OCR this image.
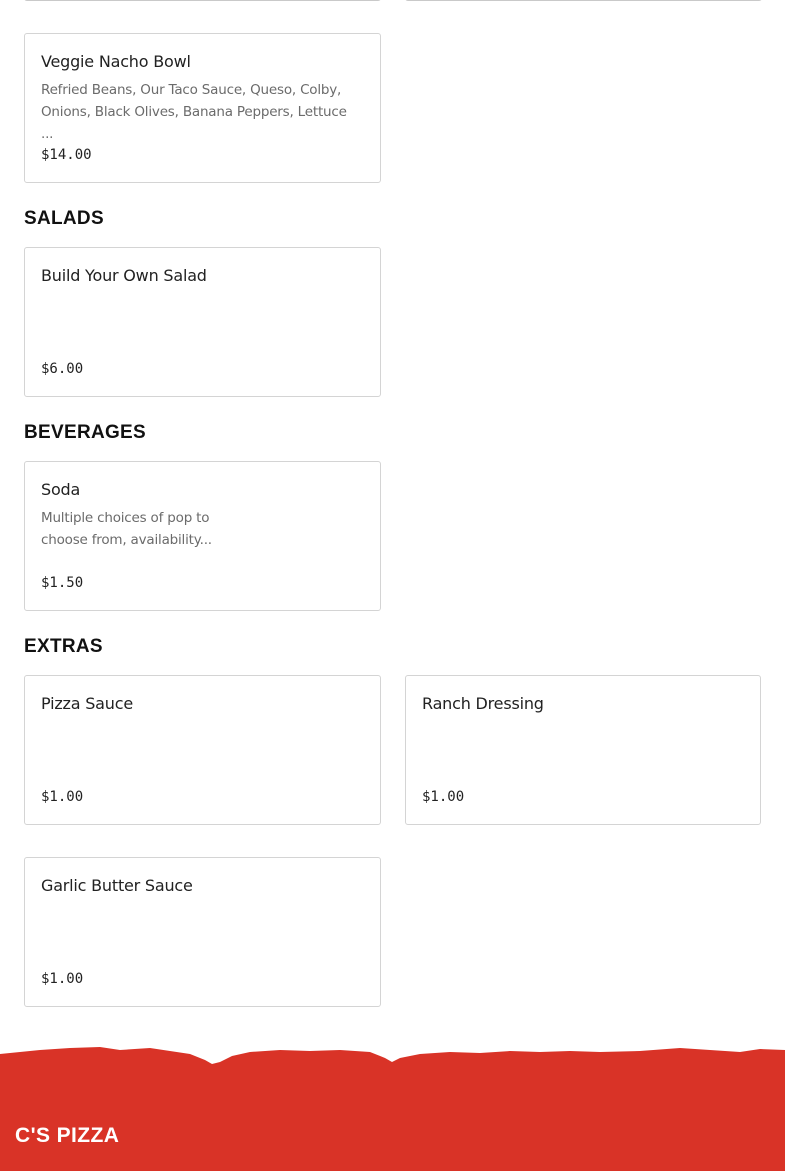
Veggie Nacho Bowl
Refried Beans, Our Taco Sauce, Queso, Colby,
Onions, Black Olives, Banana Peppers, Lettuce ...
$14.00
SALADS
Build Your Own Salad
$6.00
BEVERAGES
Soda
Multiple choices of pop to
choose from, availability...
$1.50
EXTRAS
Pizza Sauce
$1.00
Ranch Dressing
$1.00
Garlic Butter Sauce
$1.00
C'S PIZZA
